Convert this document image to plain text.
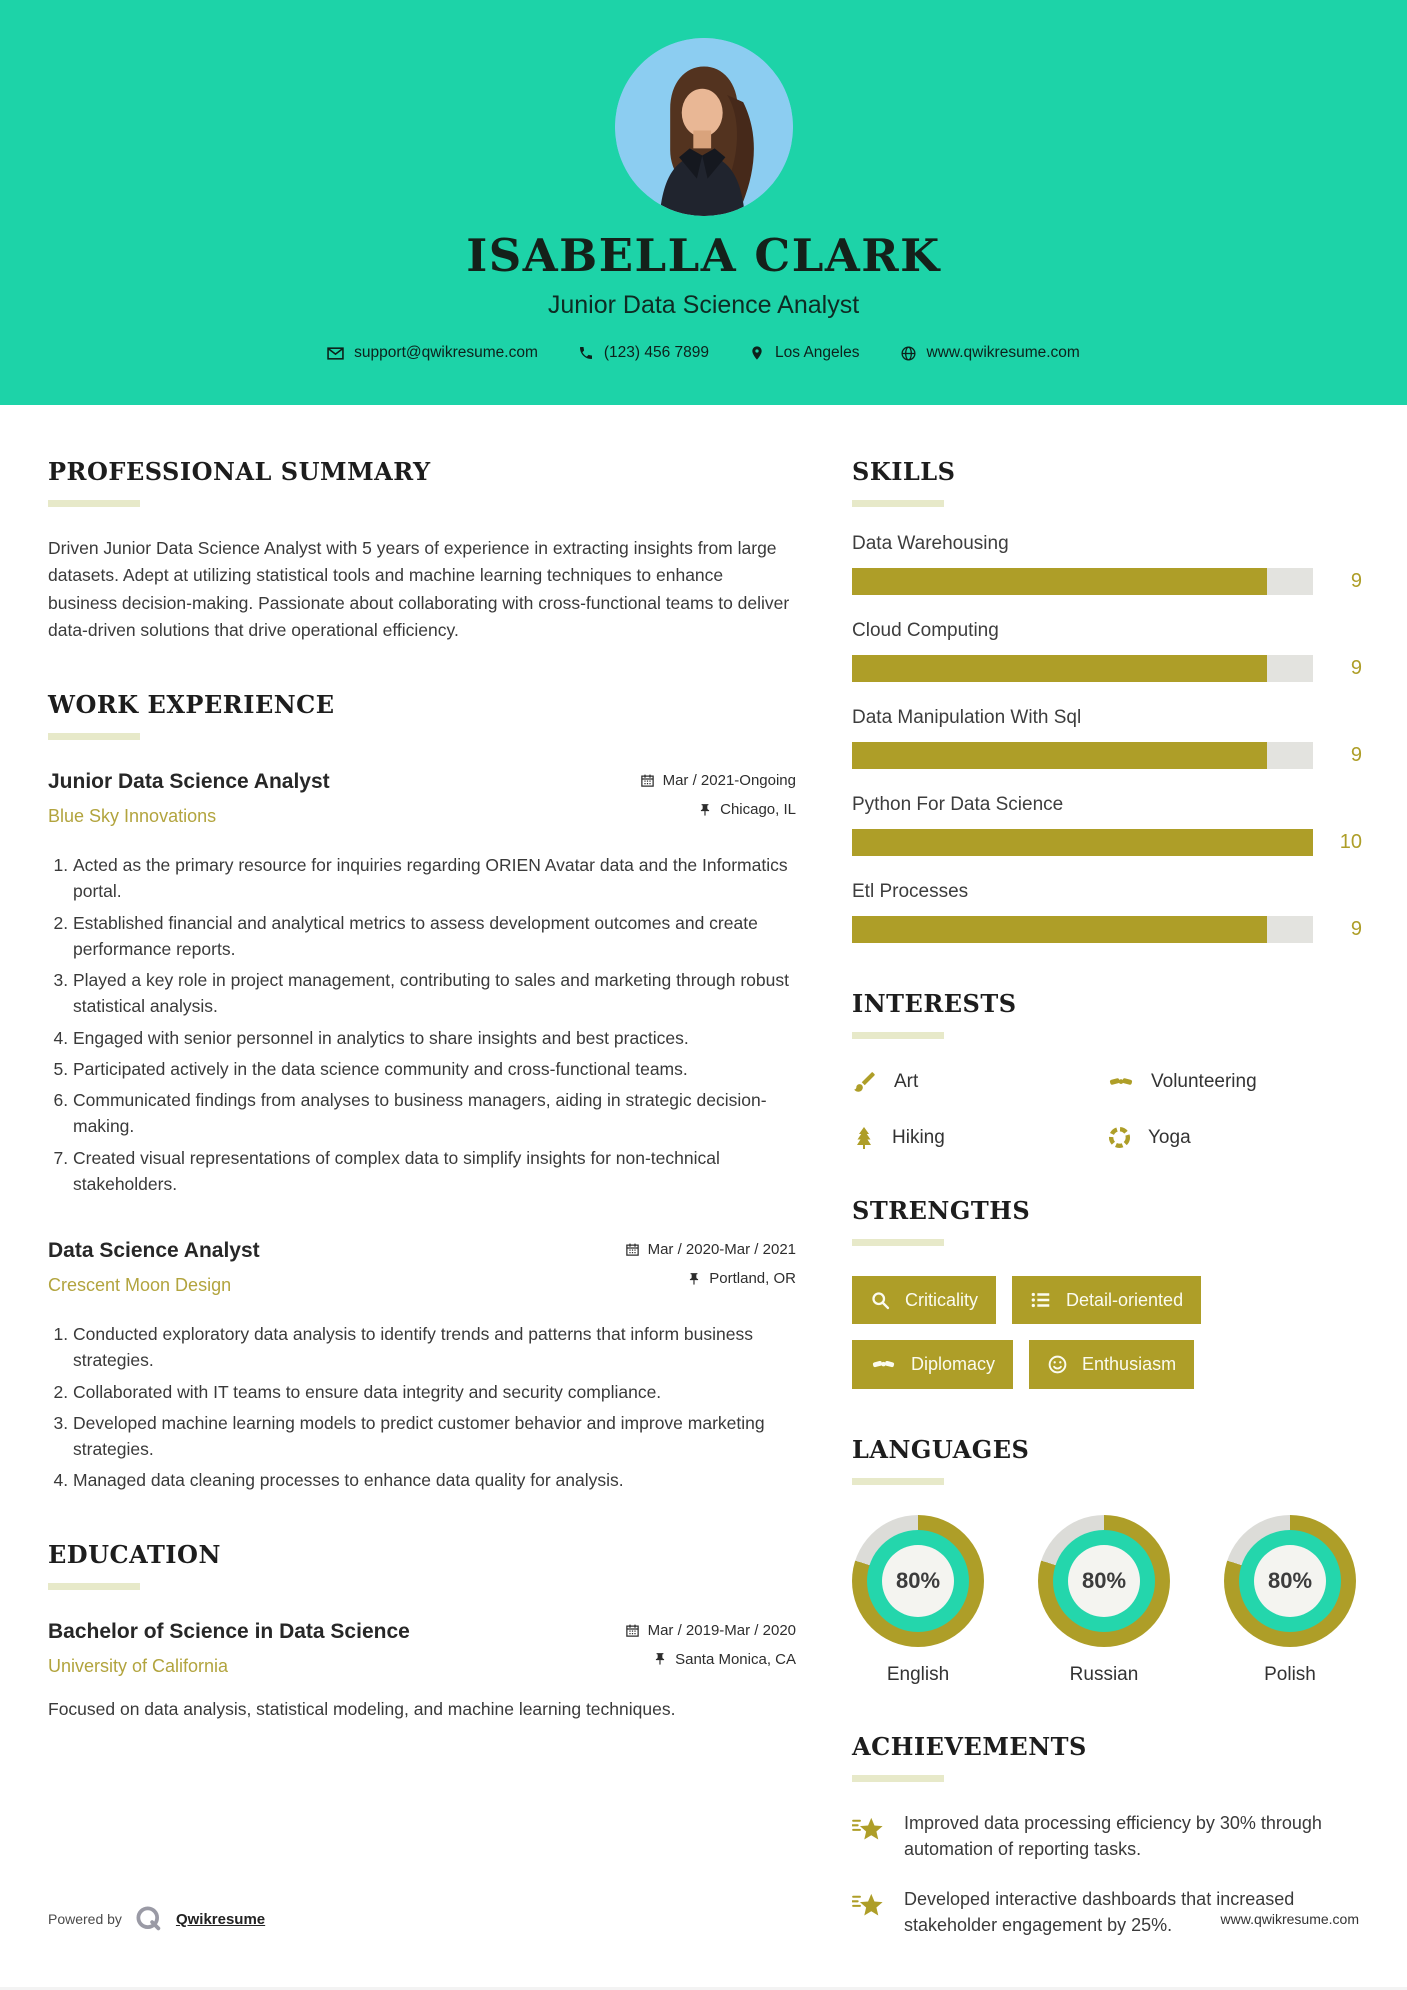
ISABELLA CLARK
Junior Data Science Analyst
support@qwikresume.com	(123) 456 7899	Los Angeles	www.qwikresume.com
PROFESSIONAL SUMMARY

Driven Junior Data Science Analyst with 5 years of experience in extracting insights from large datasets. Adept at utilizing statistical tools and machine learning techniques to enhance business decision-making. Passionate about collaborating with cross-functional teams to deliver data-driven solutions that drive operational efficiency.

WORK EXPERIENCE
Junior Data Science Analyst
Blue Sky Innovations
Mar / 2021-Ongoing
Chicago, IL
1. Acted as the primary resource for inquiries regarding ORIEN Avatar data and the Informatics portal.
2. Established financial and analytical metrics to assess development outcomes and create performance reports.
3. Played a key role in project management, contributing to sales and marketing through robust statistical analysis.
4. Engaged with senior personnel in analytics to share insights and best practices.
5. Participated actively in the data science community and cross-functional teams.
6. Communicated findings from analyses to business managers, aiding in strategic decision-making.
7. Created visual representations of complex data to simplify insights for non-technical stakeholders.
Data Science Analyst
Crescent Moon Design
Mar / 2020-Mar / 2021
Portland, OR
1. Conducted exploratory data analysis to identify trends and patterns that inform business strategies.
2. Collaborated with IT teams to ensure data integrity and security compliance.
3. Developed machine learning models to predict customer behavior and improve marketing strategies.
4. Managed data cleaning processes to enhance data quality for analysis.
EDUCATION
Bachelor of Science in Data Science
University of California
Mar / 2019-Mar / 2020
Santa Monica, CA

Focused on data analysis, statistical modeling, and machine learning techniques.

SKILLS
Data Warehousing
9
Cloud Computing
9
Data Manipulation With Sql
9
Python For Data Science
10
Etl Processes
9
INTERESTS
Art	Volunteering
Hiking	Yoga
STRENGTHS
Criticality	Detail-oriented
Diplomacy	Enthusiasm
LANGUAGES
80%
English
80%
Russian
80%
Polish
ACHIEVEMENTS
Improved data processing efficiency by 30% through automation of reporting tasks.
Developed interactive dashboards that increased stakeholder engagement by 25%.
Powered by	Qwikresume	www.qwikresume.com
